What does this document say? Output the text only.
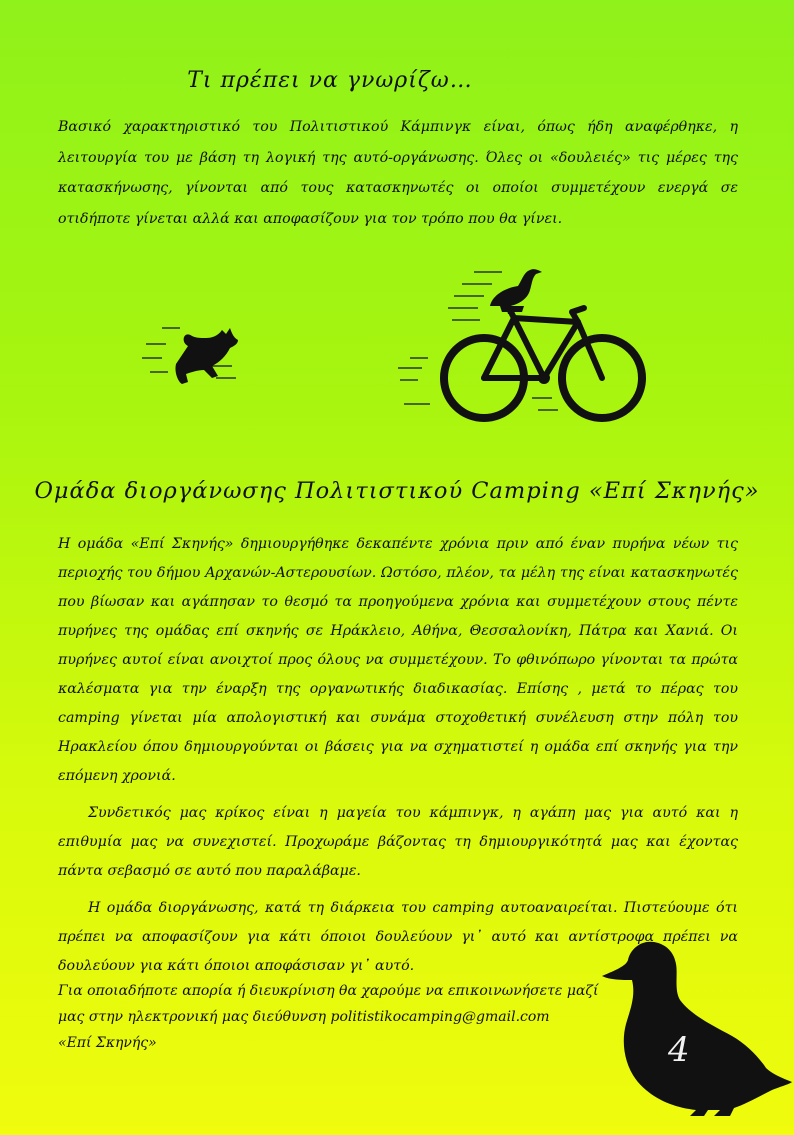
Τι πρέπει να γνωρίζω…
Βασικό χαρακτηριστικό του Πολιτιστικού Κάμπινγκ είναι, όπως ήδη αναφέρθηκε, η λειτουργία του με βάση τη λογική της αυτό-οργάνωσης. Όλες οι «δουλειές» τις μέρες της κατασκήνωσης, γίνονται από τους κατασκηνωτές οι οποίοι συμμετέχουν ενεργά σε οτιδήποτε γίνεται αλλά και αποφασίζουν για τον τρόπο που θα γίνει.
Ομάδα διοργάνωσης Πολιτιστικού Camping «Επί Σκηνής»

Η ομάδα «Επί Σκηνής» δημιουργήθηκε δεκαπέντε χρόνια πριν από έναν πυρήνα νέων τις περιοχής του δήμου Αρχανών-Αστερουσίων. Ωστόσο, πλέον, τα μέλη της είναι κατασκηνωτές που βίωσαν και αγάπησαν το θεσμό τα προηγούμενα χρόνια και συμμετέχουν στους πέντε πυρήνες της ομάδας επί σκηνής σε Ηράκλειο, Αθήνα, Θεσσαλονίκη, Πάτρα και Χανιά. Οι πυρήνες αυτοί είναι ανοιχτοί προς όλους να συμμετέχουν. Το φθινόπωρο γίνονται τα πρώτα καλέσματα για την έναρξη της οργανωτικής διαδικασίας. Επίσης , μετά το πέρας του camping γίνεται μία απολογιστική και συνάμα στοχοθετική συνέλευση στην πόλη του Ηρακλείου όπου δημιουργούνται οι βάσεις για να σχηματιστεί η ομάδα επί σκηνής για την επόμενη χρονιά.

Συνδετικός μας κρίκος είναι η μαγεία του κάμπινγκ, η αγάπη μας για αυτό και η επιθυμία μας να συνεχιστεί. Προχωράμε βάζοντας τη δημιουργικότητά μας και έχοντας πάντα σεβασμό σε αυτό που παραλάβαμε.

Η ομάδα διοργάνωσης, κατά τη διάρκεια του camping αυτοαναιρείται. Πιστεύουμε ότι πρέπει να αποφασίζουν για κάτι όποιοι δουλεύουν γι᾽ αυτό και αντίστροφα πρέπει να δουλεύουν για κάτι όποιοι αποφάσισαν γι᾽ αυτό.

Για οποιαδήποτε απορία ή διευκρίνιση θα χαρούμε να επικοινωνήσετε μαζί
μας στην ηλεκτρονική μας διεύθυνση politistikocamping@gmail.com
«Επί Σκηνής»	4
